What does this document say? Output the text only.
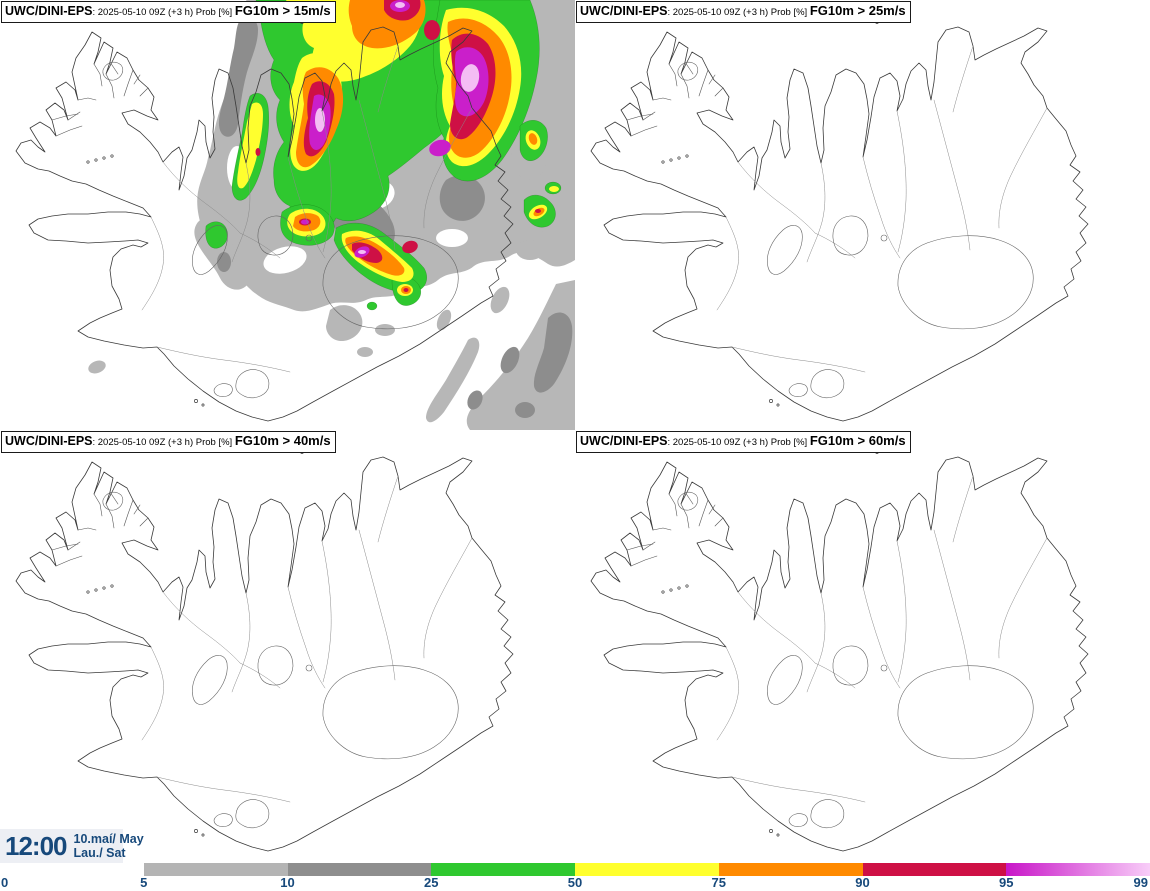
UWC/DINI-EPS: 2025-05-10 09Z (+3 h) Prob [%] FG10m > 15m/s	UWC/DINI-EPS: 2025-05-10 09Z (+3 h) Prob [%] FG10m > 25m/s
UWC/DINI-EPS: 2025-05-10 09Z (+3 h) Prob [%] FG10m > 40m/s	UWC/DINI-EPS: 2025-05-10 09Z (+3 h) Prob [%] FG10m > 60m/s
12:00 10.maí/ May
Lau./ Sat
0	5	10	25	50	75	90	95	99
